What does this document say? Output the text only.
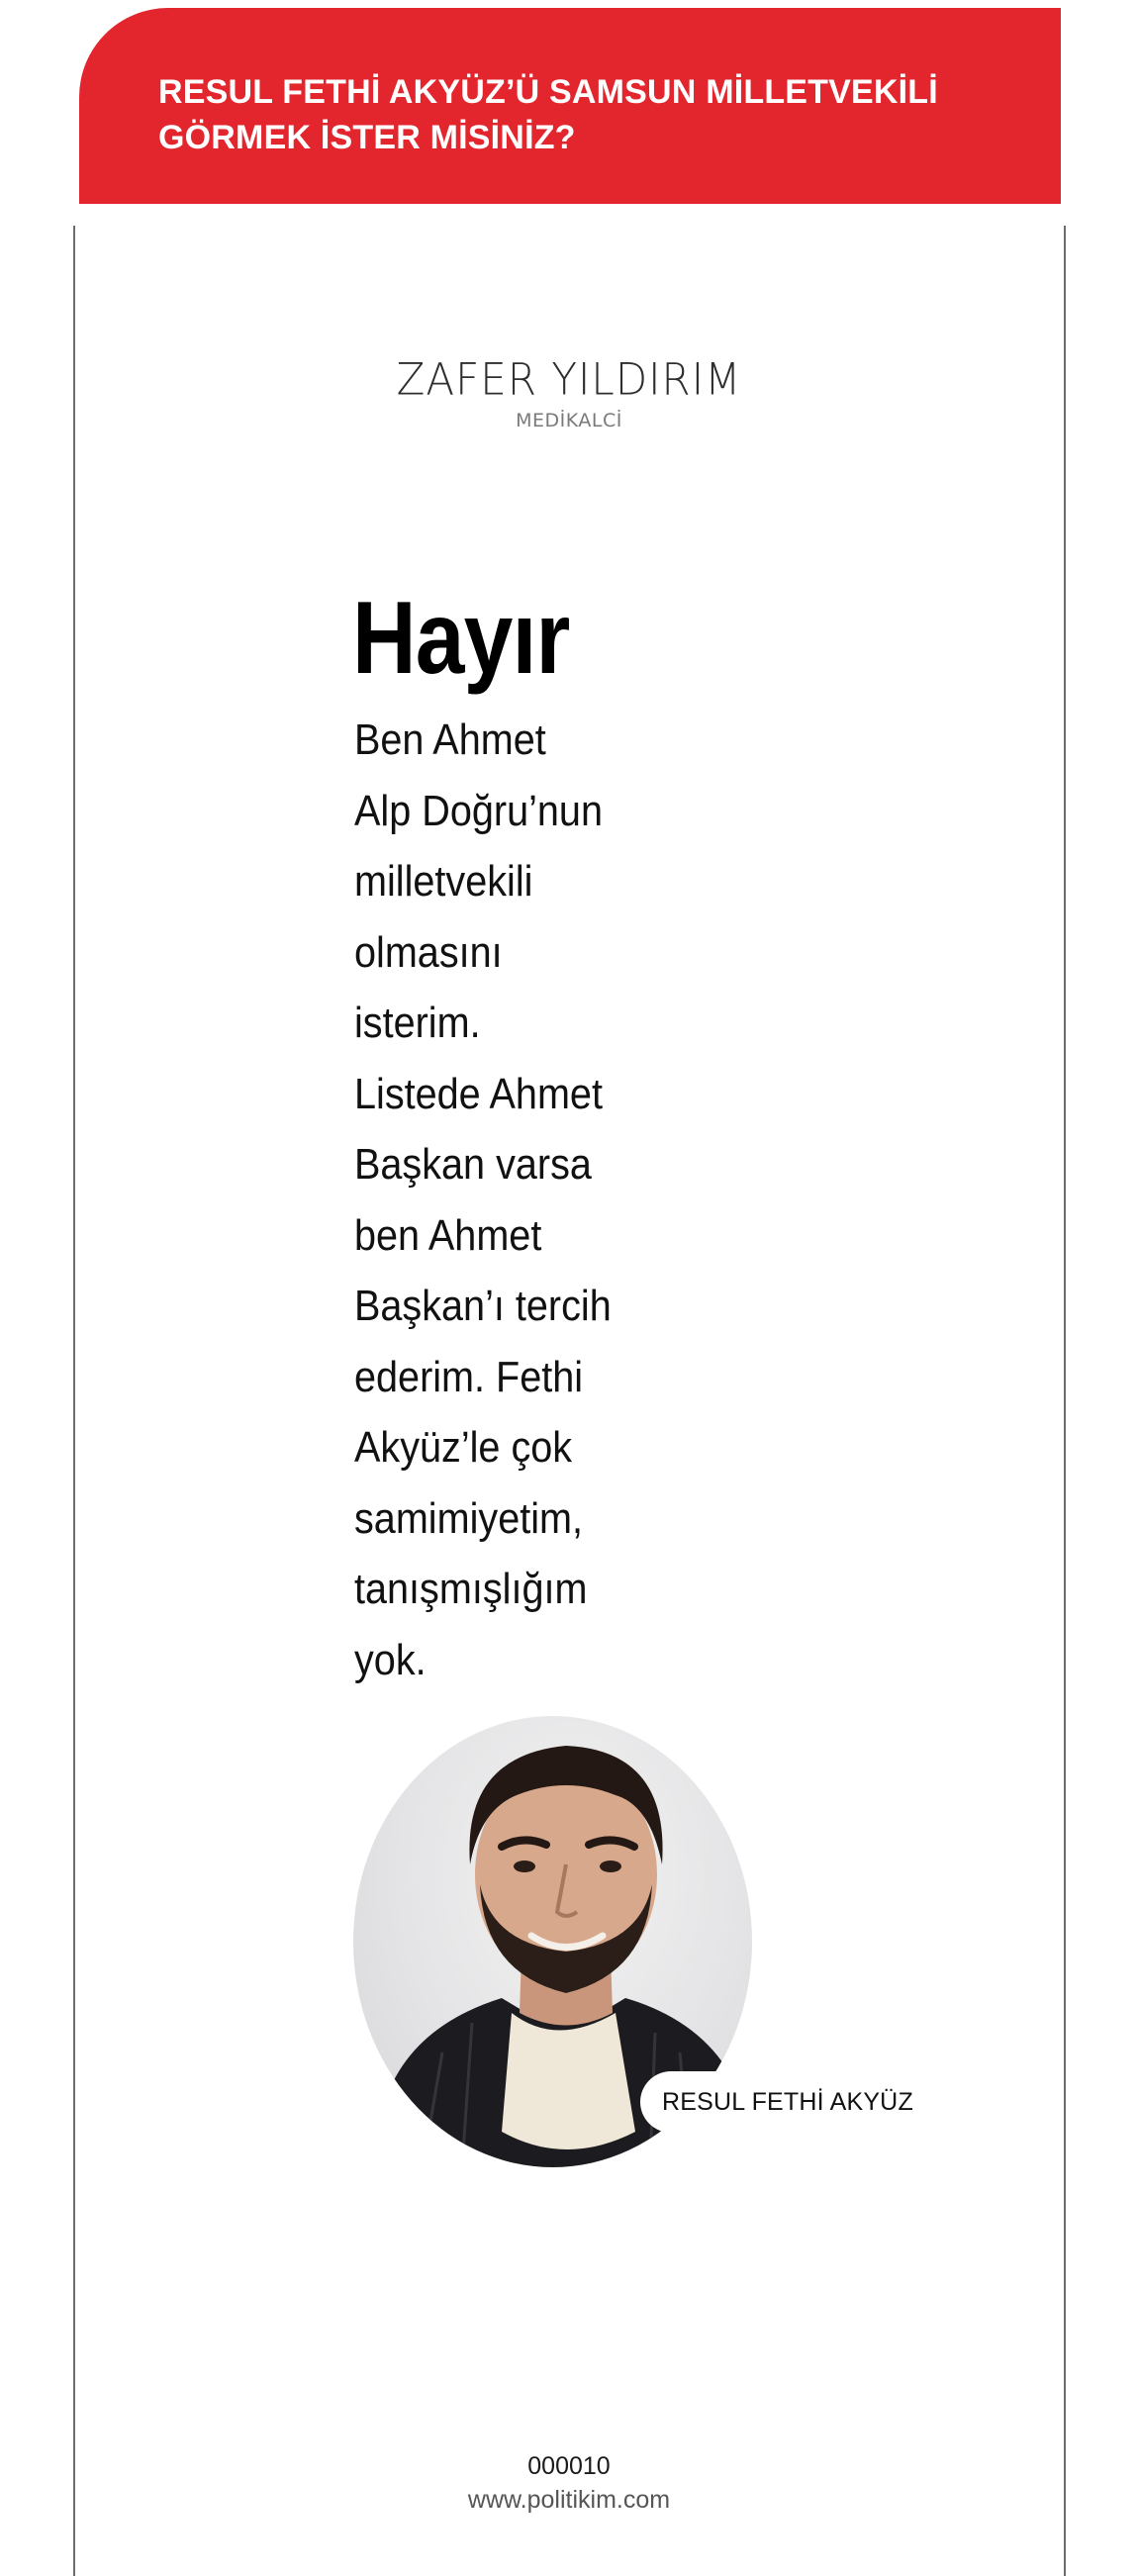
RESUL FETHİ AKYÜZ’Ü SAMSUN MİLLETVEKİLİ
GÖRMEK İSTER MİSİNİZ?
ZAFER YILDIRIM
MEDİKALCİ
Hayır
Ben Ahmet
Alp Doğru’nun
milletvekili
olmasını
isterim.
Listede Ahmet
Başkan varsa
ben Ahmet
Başkan’ı tercih
ederim. Fethi
Akyüz’le çok
samimiyetim,
tanışmışlığım
yok.
RESUL FETHİ AKYÜZ
000010
www.politikim.com
